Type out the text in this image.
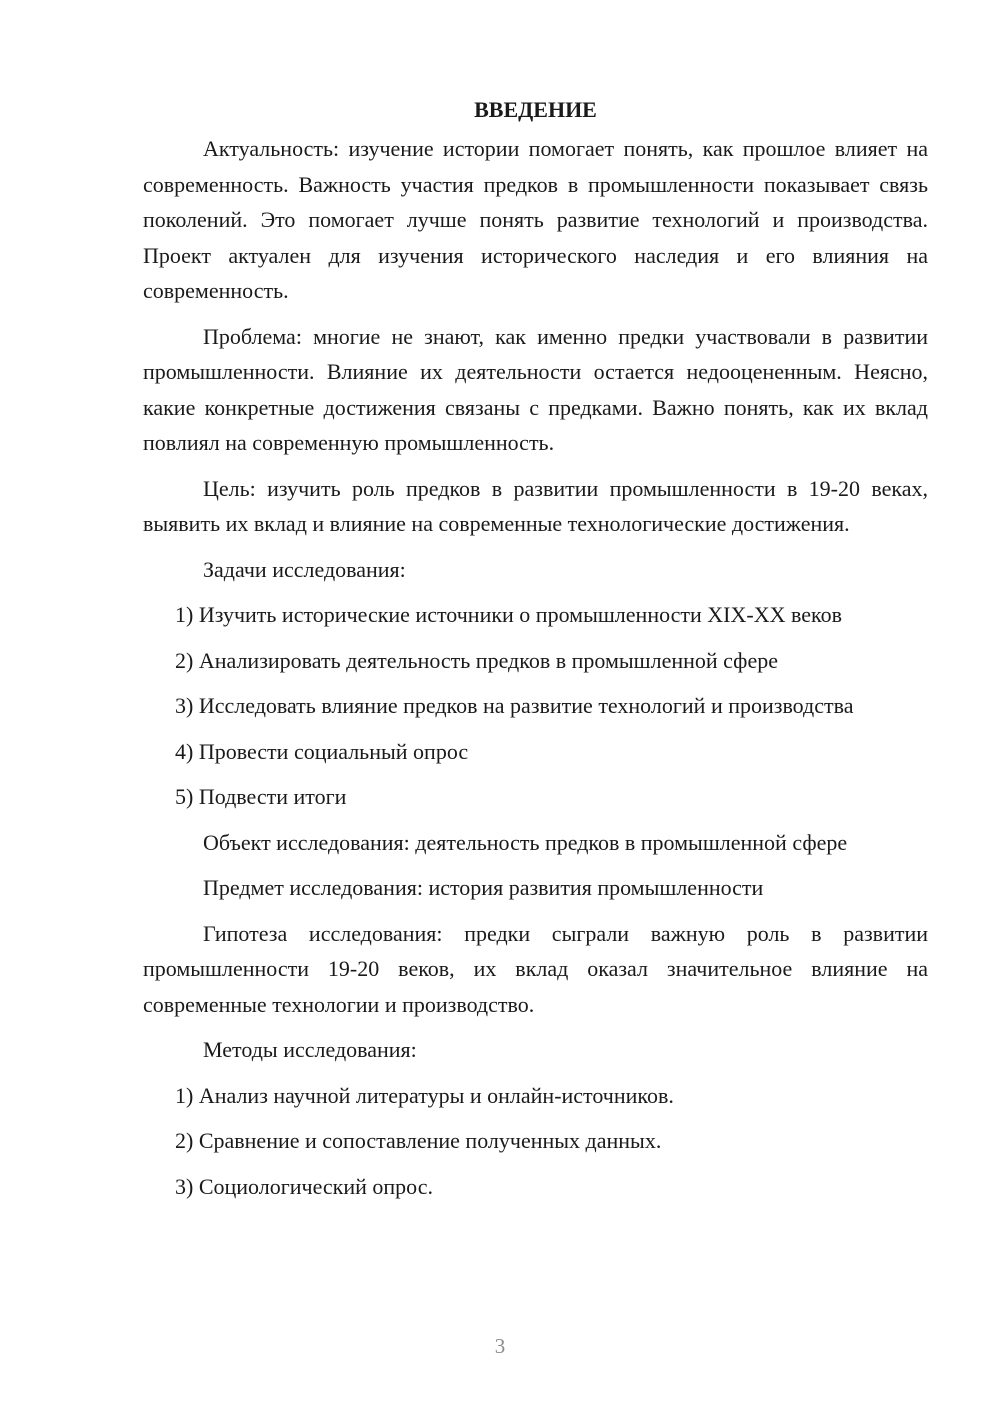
ВВЕДЕНИЕ

Актуальность: изучение истории помогает понять, как прошлое влияет на современность. Важность участия предков в промышленности показывает связь поколений. Это помогает лучше понять развитие технологий и производства. Проект актуален для изучения исторического наследия и его влияния на современность.

Проблема: многие не знают, как именно предки участвовали в развитии промышленности. Влияние их деятельности остается недооцененным. Неясно, какие конкретные достижения связаны с предками. Важно понять, как их вклад повлиял на современную промышленность.

Цель: изучить роль предков в развитии промышленности в 19-20 веках, выявить их вклад и влияние на современные технологические достижения.

Задачи исследования:

1) Изучить исторические источники о промышленности XIX-XX веков

2) Анализировать деятельность предков в промышленной сфере

3) Исследовать влияние предков на развитие технологий и производства

4) Провести социальный опрос

5) Подвести итоги

Объект исследования: деятельность предков в промышленной сфере

Предмет исследования: история развития промышленности

Гипотеза исследования: предки сыграли важную роль в развитии промышленности 19-20 веков, их вклад оказал значительное влияние на современные технологии и производство.

Методы исследования:

1) Анализ научной литературы и онлайн-источников.

2) Сравнение и сопоставление полученных данных.

3) Социологический опрос.

3
